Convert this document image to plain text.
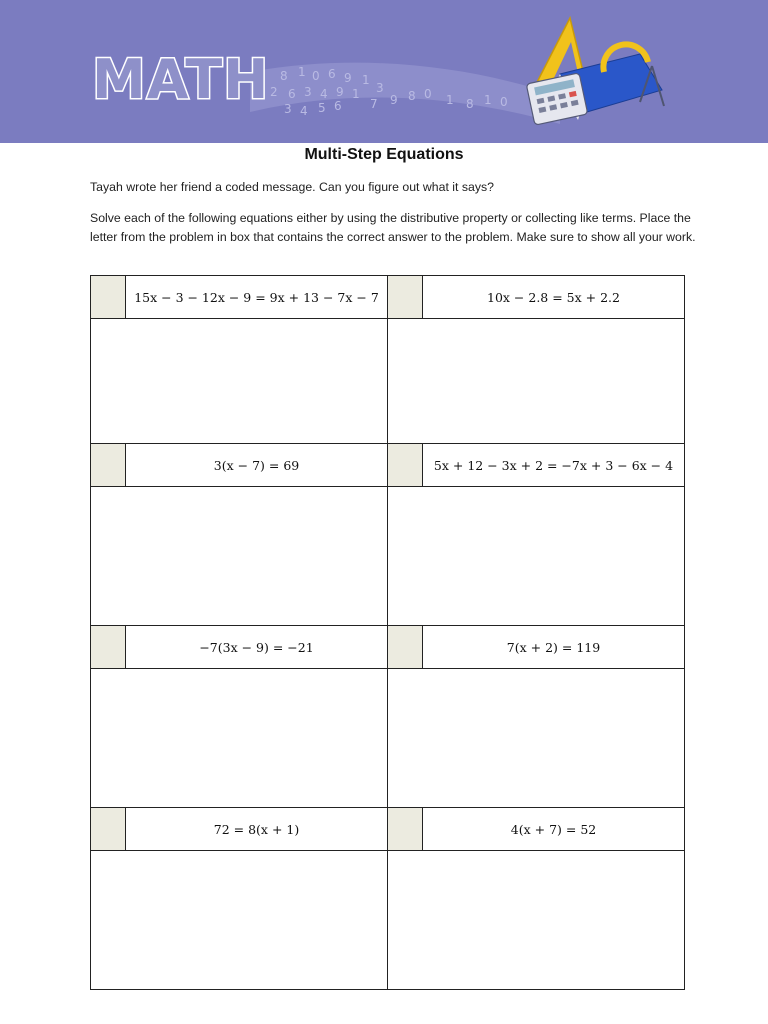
8 1 0 6 9 1
3
2 6 3 4 9 1
3 4 5 6 7 9 8 0 1 8 1 0
MATH
Multi-Step Equations
Tayah wrote her friend a coded message. Can you figure out what it says?
Solve each of the following equations either by using the distributive property or collecting like terms. Place the letter from the problem in box that contains the correct answer to the problem. Make sure to show all your work.
	15x − 3 − 12x − 9 = 9x + 13 − 7x − 7		10x − 2.8 = 5x + 2.2

	3(x − 7) = 69		5x + 12 − 3x + 2 = −7x + 3 − 6x − 4

	−7(3x − 9) = −21		7(x + 2) = 119

	72 = 8(x + 1)		4(x + 7) = 52
